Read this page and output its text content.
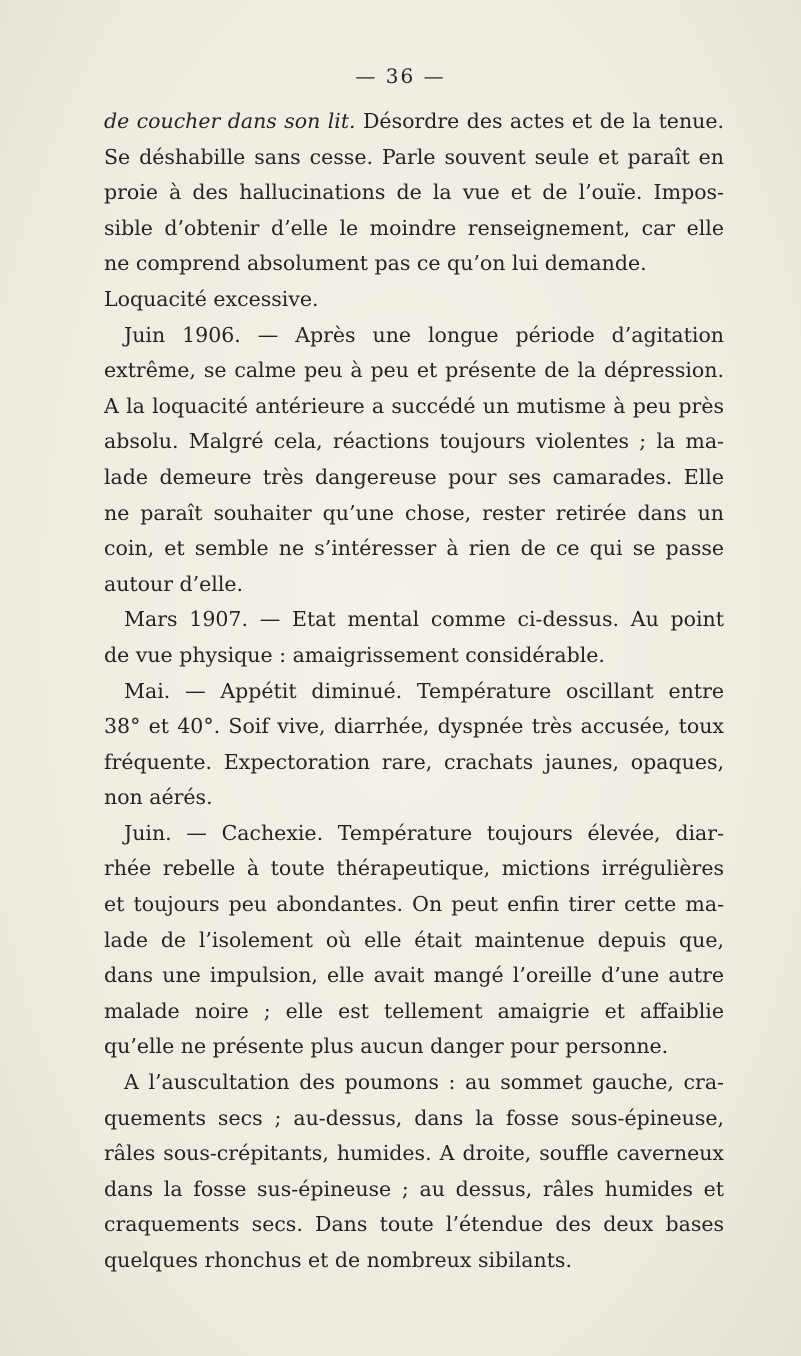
— 36 —
de coucher dans son lit. Désordre des actes et de la tenue.
Se déshabille sans cesse. Parle souvent seule et paraît en
proie à des hallucinations de la vue et de l’ouïe. Impos-
sible d’obtenir d’elle le moindre renseignement, car elle
ne comprend absolument pas ce qu’on lui demande.
Loquacité excessive.
Juin 1906. — Après une longue période d’agitation
extrême, se calme peu à peu et présente de la dépression.
A la loquacité antérieure a succédé un mutisme à peu près
absolu. Malgré cela, réactions toujours violentes ; la ma-
lade demeure très dangereuse pour ses camarades. Elle
ne paraît souhaiter qu’une chose, rester retirée dans un
coin, et semble ne s’intéresser à rien de ce qui se passe
autour d’elle.
Mars 1907. — Etat mental comme ci-dessus. Au point
de vue physique : amaigrissement considérable.
Mai. — Appétit diminué. Température oscillant entre
38° et 40°. Soif vive, diarrhée, dyspnée très accusée, toux
fréquente. Expectoration rare, crachats jaunes, opaques,
non aérés.
Juin. — Cachexie. Température toujours élevée, diar-
rhée rebelle à toute thérapeutique, mictions irrégulières
et toujours peu abondantes. On peut enfin tirer cette ma-
lade de l’isolement où elle était maintenue depuis que,
dans une impulsion, elle avait mangé l’oreille d’une autre
malade noire ; elle est tellement amaigrie et affaiblie
qu’elle ne présente plus aucun danger pour personne.
A l’auscultation des poumons : au sommet gauche, cra-
quements secs ; au-dessus, dans la fosse sous-épineuse,
râles sous-crépitants, humides. A droite, souffle caverneux
dans la fosse sus-épineuse ; au dessus, râles humides et
craquements secs. Dans toute l’étendue des deux bases
quelques rhonchus et de nombreux sibilants.
